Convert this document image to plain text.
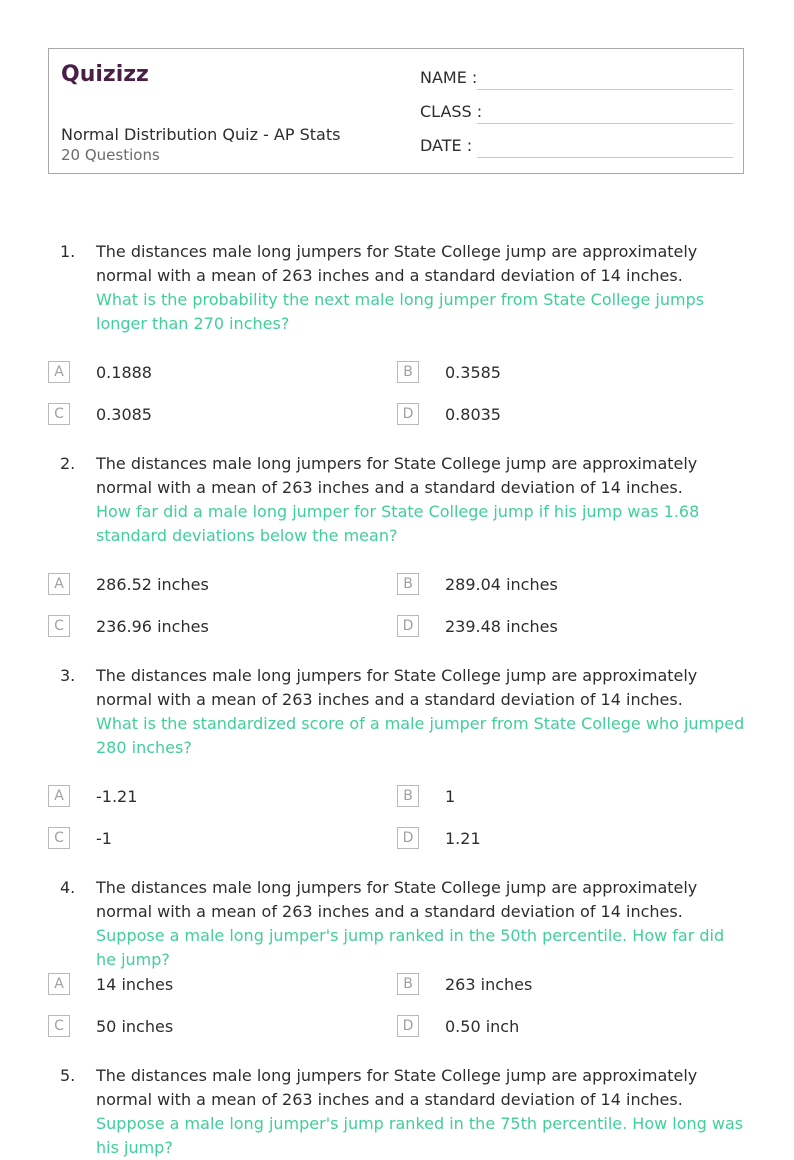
Quizizz
Normal Distribution Quiz - AP Stats
20 Questions
NAME :
CLASS :
DATE :
1. The distances male long jumpers for State College jump are approximately normal with a mean of 263 inches and a standard deviation of 14 inches.
What is the probability the next male long jumper from State College jumps longer than 270 inches?
A	0.1888	B	0.3585
C	0.3085	D	0.8035
2. The distances male long jumpers for State College jump are approximately normal with a mean of 263 inches and a standard deviation of 14 inches.
How far did a male long jumper for State College jump if his jump was 1.68 standard deviations below the mean?
A	286.52 inches	B	289.04 inches
C	236.96 inches	D	239.48 inches
3. The distances male long jumpers for State College jump are approximately normal with a mean of 263 inches and a standard deviation of 14 inches.
What is the standardized score of a male jumper from State College who jumped 280 inches?
A	-1.21	B	1
C	-1	D	1.21
4. The distances male long jumpers for State College jump are approximately normal with a mean of 263 inches and a standard deviation of 14 inches.
Suppose a male long jumper's jump ranked in the 50th percentile. How far did he jump?
A	14 inches	B	263 inches
C	50 inches	D	0.50 inch
5. The distances male long jumpers for State College jump are approximately normal with a mean of 263 inches and a standard deviation of 14 inches.
Suppose a male long jumper's jump ranked in the 75th percentile. How long was his jump?
